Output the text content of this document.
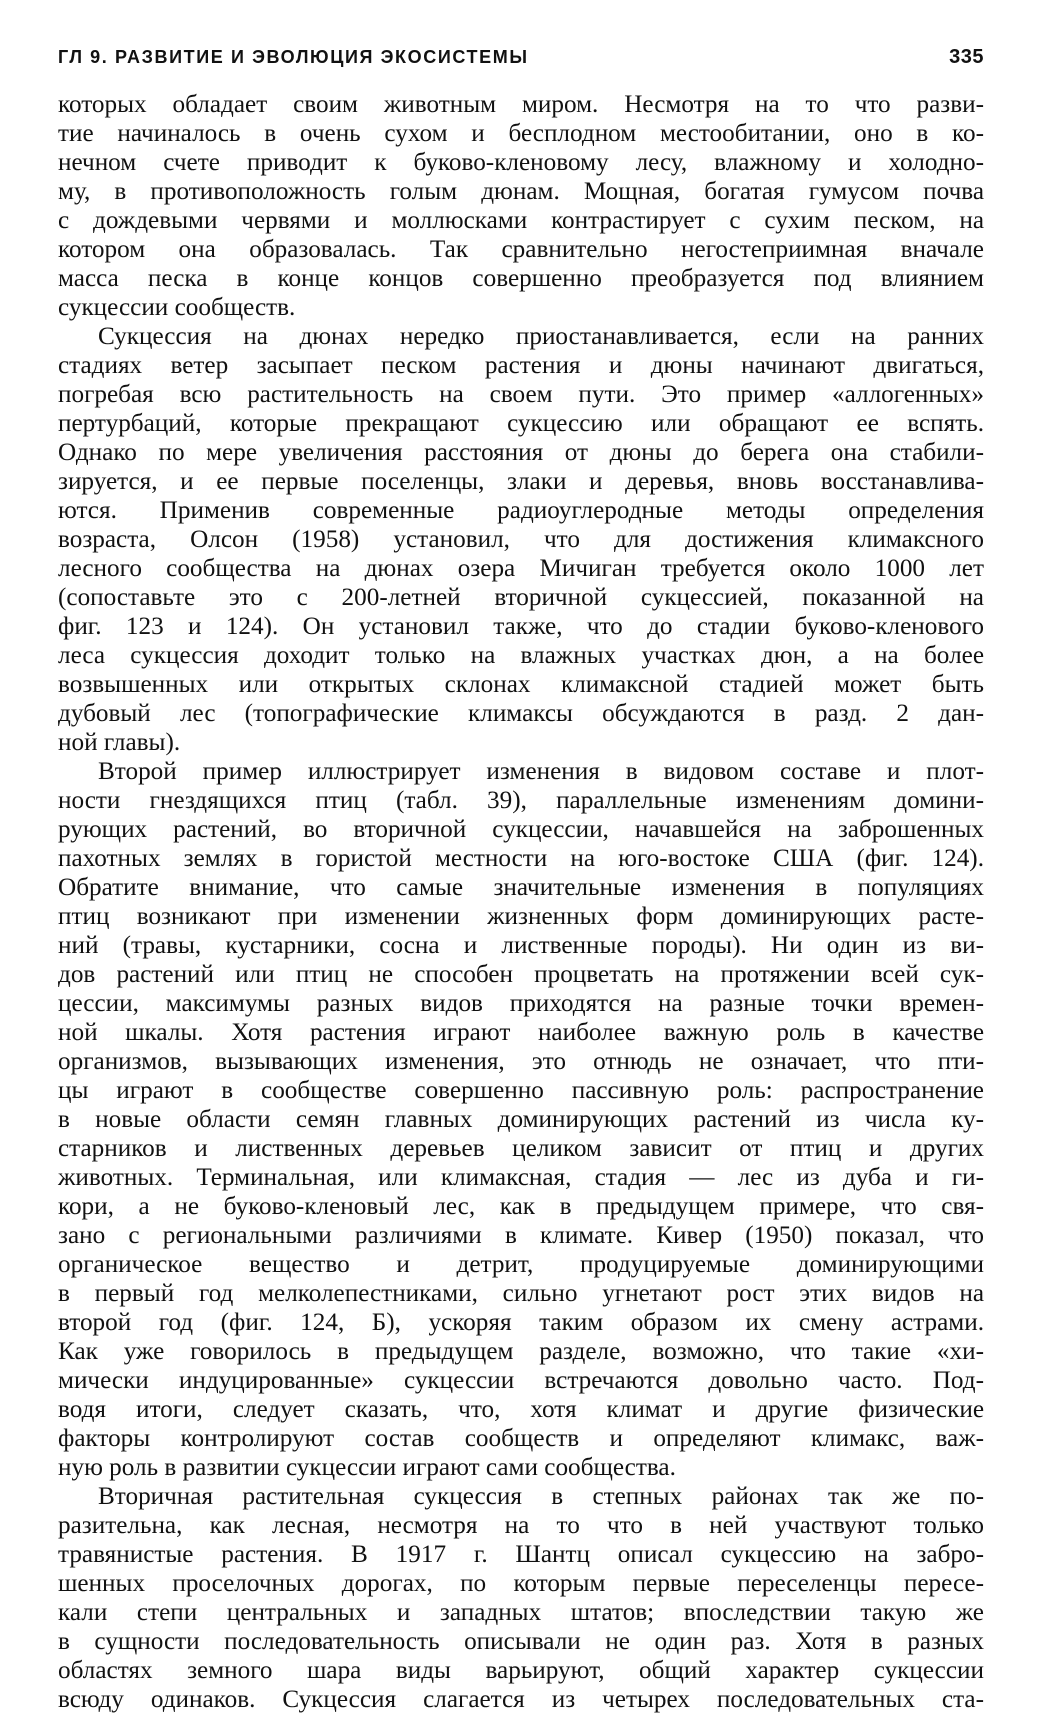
ГЛ 9. РАЗВИТИЕ И ЭВОЛЮЦИЯ ЭКОСИСТЕМЫ	335

которых обладает своим животным миром. Несмотря на то что разви-
тие начиналось в очень сухом и бесплодном местообитании, оно в ко-
нечном счете приводит к буково-кленовому лесу, влажному и холодно-
му, в противоположность голым дюнам. Мощная, богатая гумусом почва
с дождевыми червями и моллюсками контрастирует с сухим песком, на
котором она образовалась. Так сравнительно негостеприимная вначале
масса песка в конце концов совершенно преобразуется под влиянием
сукцессии сообществ.

Сукцессия на дюнах нередко приостанавливается, если на ранних
стадиях ветер засыпает песком растения и дюны начинают двигаться,
погребая всю растительность на своем пути. Это пример «аллогенных»
пертурбаций, которые прекращают сукцессию или обращают ее вспять.
Однако по мере увеличения расстояния от дюны до берега она стабили-
зируется, и ее первые поселенцы, злаки и деревья, вновь восстанавлива-
ются. Применив современные радиоуглеродные методы определения
возраста, Олсон (1958) установил, что для достижения климаксного
лесного сообщества на дюнах озера Мичиган требуется около 1000 лет
(сопоставьте это с 200-летней вторичной сукцессией, показанной на
фиг. 123 и 124). Он установил также, что до стадии буково-кленового
леса сукцессия доходит только на влажных участках дюн, а на более
возвышенных или открытых склонах климаксной стадией может быть
дубовый лес (топографические климаксы обсуждаются в разд. 2 дан-
ной главы).

Второй пример иллюстрирует изменения в видовом составе и плот-
ности гнездящихся птиц (табл. 39), параллельные изменениям домини-
рующих растений, во вторичной сукцессии, начавшейся на заброшенных
пахотных землях в гористой местности на юго-востоке США (фиг. 124).
Обратите внимание, что самые значительные изменения в популяциях
птиц возникают при изменении жизненных форм доминирующих расте-
ний (травы, кустарники, сосна и лиственные породы). Ни один из ви-
дов растений или птиц не способен процветать на протяжении всей сук-
цессии, максимумы разных видов приходятся на разные точки времен-
ной шкалы. Хотя растения играют наиболее важную роль в качестве
организмов, вызывающих изменения, это отнюдь не означает, что пти-
цы играют в сообществе совершенно пассивную роль: распространение
в новые области семян главных доминирующих растений из числа ку-
старников и лиственных деревьев целиком зависит от птиц и других
животных. Терминальная, или климаксная, стадия — лес из дуба и ги-
кори, а не буково-кленовый лес, как в предыдущем примере, что свя-
зано с региональными различиями в климате. Кивер (1950) показал, что
органическое вещество и детрит, продуцируемые доминирующими
в первый год мелколепестниками, сильно угнетают рост этих видов на
второй год (фиг. 124, Б), ускоряя таким образом их смену астрами.
Как уже говорилось в предыдущем разделе, возможно, что такие «хи-
мически индуцированные» сукцессии встречаются довольно часто. Под-
водя итоги, следует сказать, что, хотя климат и другие физические
факторы контролируют состав сообществ и определяют климакс, важ-
ную роль в развитии сукцессии играют сами сообщества.

Вторичная растительная сукцессия в степных районах так же по-
разительна, как лесная, несмотря на то что в ней участвуют только
травянистые растения. В 1917 г. Шантц описал сукцессию на забро-
шенных проселочных дорогах, по которым первые переселенцы пересе-
кали степи центральных и западных штатов; впоследствии такую же
в сущности последовательность описывали не один раз. Хотя в разных
областях земного шара виды варьируют, общий характер сукцессии
всюду одинаков. Сукцессия слагается из четырех последовательных ста-
